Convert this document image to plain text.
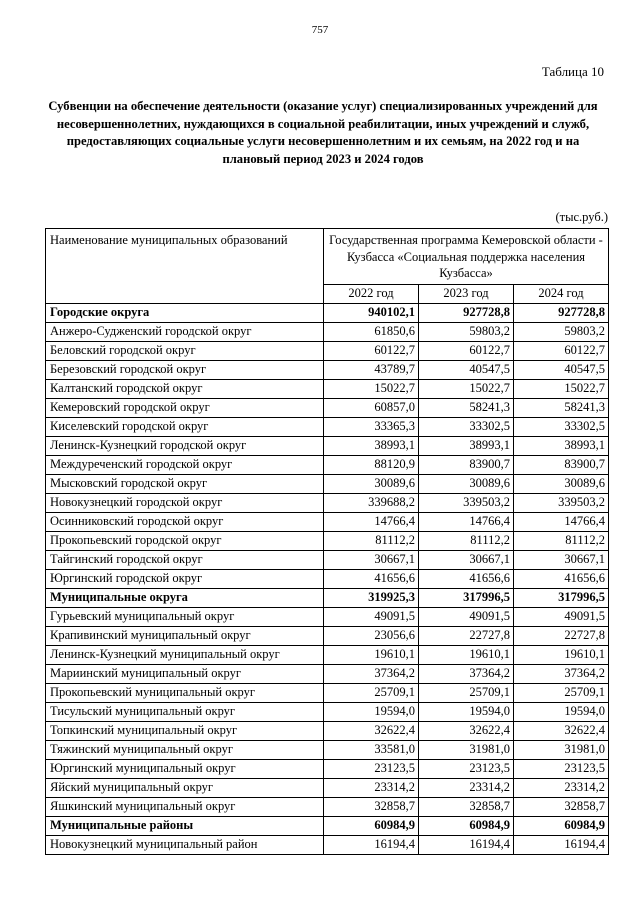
757
Таблица 10
Субвенции на обеспечение деятельности (оказание услуг) специализированных учреждений для несовершеннолетних, нуждающихся в социальной реабилитации, иных учреждений и служб, предоставляющих социальные услуги несовершеннолетним и их семьям, на 2022 год и на плановый период 2023 и 2024 годов
(тыс.руб.)
Наименование муниципальных образований	Государственная программа Кемеровской области - Кузбасса «Социальная поддержка населения Кузбасса»		
	2022 год	2023 год	2024 год
Городские округа	940102,1	927728,8	927728,8
Анжеро-Судженский городской округ	61850,6	59803,2	59803,2
Беловский городской округ	60122,7	60122,7	60122,7
Березовский городской округ	43789,7	40547,5	40547,5
Калтанский городской округ	15022,7	15022,7	15022,7
Кемеровский городской округ	60857,0	58241,3	58241,3
Киселевский городской округ	33365,3	33302,5	33302,5
Ленинск-Кузнецкий городской округ	38993,1	38993,1	38993,1
Междуреченский городской округ	88120,9	83900,7	83900,7
Мысковский городской округ	30089,6	30089,6	30089,6
Новокузнецкий городской округ	339688,2	339503,2	339503,2
Осинниковский городской округ	14766,4	14766,4	14766,4
Прокопьевский городской округ	81112,2	81112,2	81112,2
Тайгинский городской округ	30667,1	30667,1	30667,1
Юргинский городской округ	41656,6	41656,6	41656,6
Муниципальные округа	319925,3	317996,5	317996,5
Гурьевский муниципальный округ	49091,5	49091,5	49091,5
Крапивинский муниципальный округ	23056,6	22727,8	22727,8
Ленинск-Кузнецкий муниципальный округ	19610,1	19610,1	19610,1
Мариинский муниципальный округ	37364,2	37364,2	37364,2
Прокопьевский муниципальный округ	25709,1	25709,1	25709,1
Тисульский муниципальный округ	19594,0	19594,0	19594,0
Топкинский муниципальный округ	32622,4	32622,4	32622,4
Тяжинский муниципальный округ	33581,0	31981,0	31981,0
Юргинский муниципальный округ	23123,5	23123,5	23123,5
Яйский муниципальный округ	23314,2	23314,2	23314,2
Яшкинский муниципальный округ	32858,7	32858,7	32858,7
Муниципальные районы	60984,9	60984,9	60984,9
Новокузнецкий муниципальный район	16194,4	16194,4	16194,4
